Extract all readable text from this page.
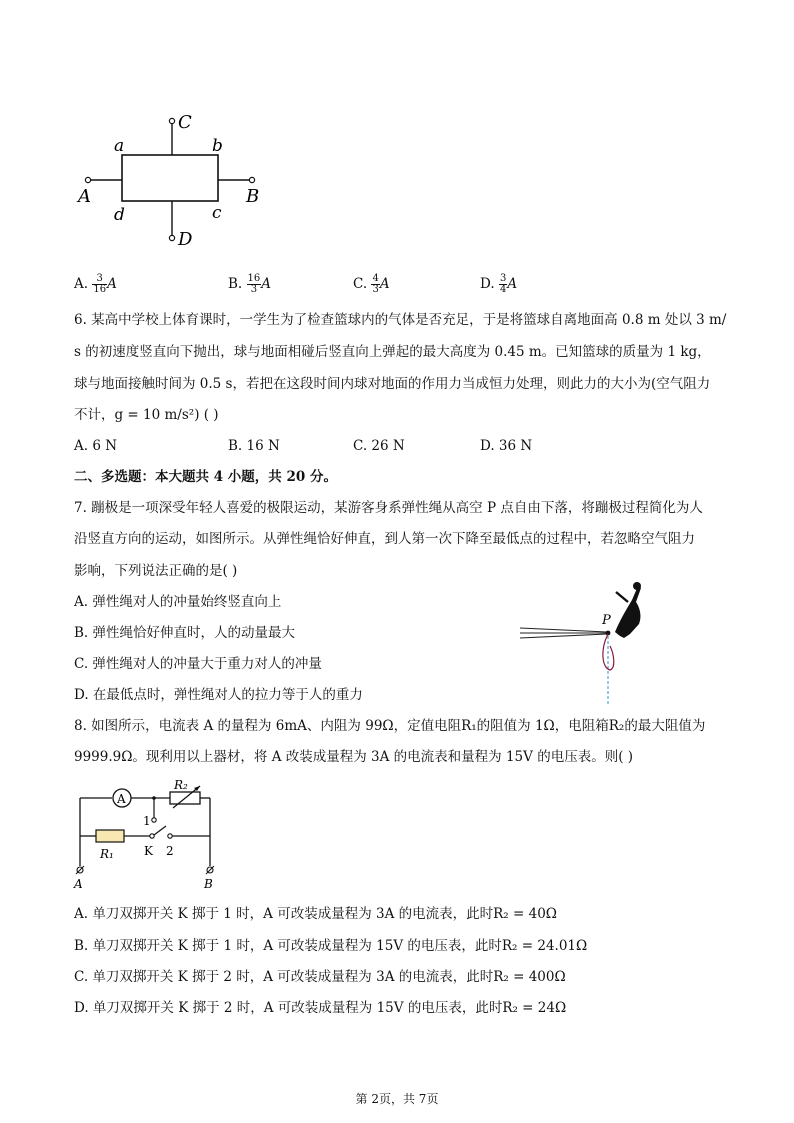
a	b
c
d
A	B
C
D
A. $\frac{3}{16}$ A	B. $\frac{16}{3}$ A	C. $\frac{4}{3}$ A	D. $\frac{3}{4}$ A
6. 某高中学校上体育课时，一学生为了检查篮球内的气体是否充足，于是将篮球自离地面高 0.8 m 处以 3 m/
s 的初速度竖直向下抛出，球与地面相碰后竖直向上弹起的最大高度为 0.45 m。已知篮球的质量为 1 kg，
球与地面接触时间为 0.5 s，若把在这段时间内球对地面的作用力当成恒力处理，则此力的大小为(空气阻力
不计，g = 10 m/s²) ( )
A. 6 N	B. 16 N	C. 26 N	D. 36 N
二、多选题：本大题共 4 小题，共 20 分。
7. 蹦极是一项深受年轻人喜爱的极限运动，某游客身系弹性绳从高空 P 点自由下落，将蹦极过程简化为人
沿竖直方向的运动，如图所示。从弹性绳恰好伸直，到人第一次下降至最低点的过程中，若忽略空气阻力
影响，下列说法正确的是( )
A. 弹性绳对人的冲量始终竖直向上
B. 弹性绳恰好伸直时，人的动量最大
C. 弹性绳对人的冲量大于重力对人的冲量
D. 在最低点时，弹性绳对人的拉力等于人的重力
P
8. 如图所示，电流表 A 的量程为 6mA、内阻为 99Ω，定值电阻R₁的阻值为 1Ω，电阻箱R₂的最大阻值为
9999.9Ω。现利用以上器材，将 A 改装成量程为 3A 的电流表和量程为 15V 的电压表。则( )
A
R₂
1
R₁	K 2
A	B
A. 单刀双掷开关 K 掷于 1 时，A 可改装成量程为 3A 的电流表，此时R₂ = 40Ω
B. 单刀双掷开关 K 掷于 1 时，A 可改装成量程为 15V 的电压表，此时R₂ = 24.01Ω
C. 单刀双掷开关 K 掷于 2 时，A 可改装成量程为 3A 的电流表，此时R₂ = 400Ω
D. 单刀双掷开关 K 掷于 2 时，A 可改装成量程为 15V 的电压表，此时R₂ = 24Ω
第 2页，共 7页
